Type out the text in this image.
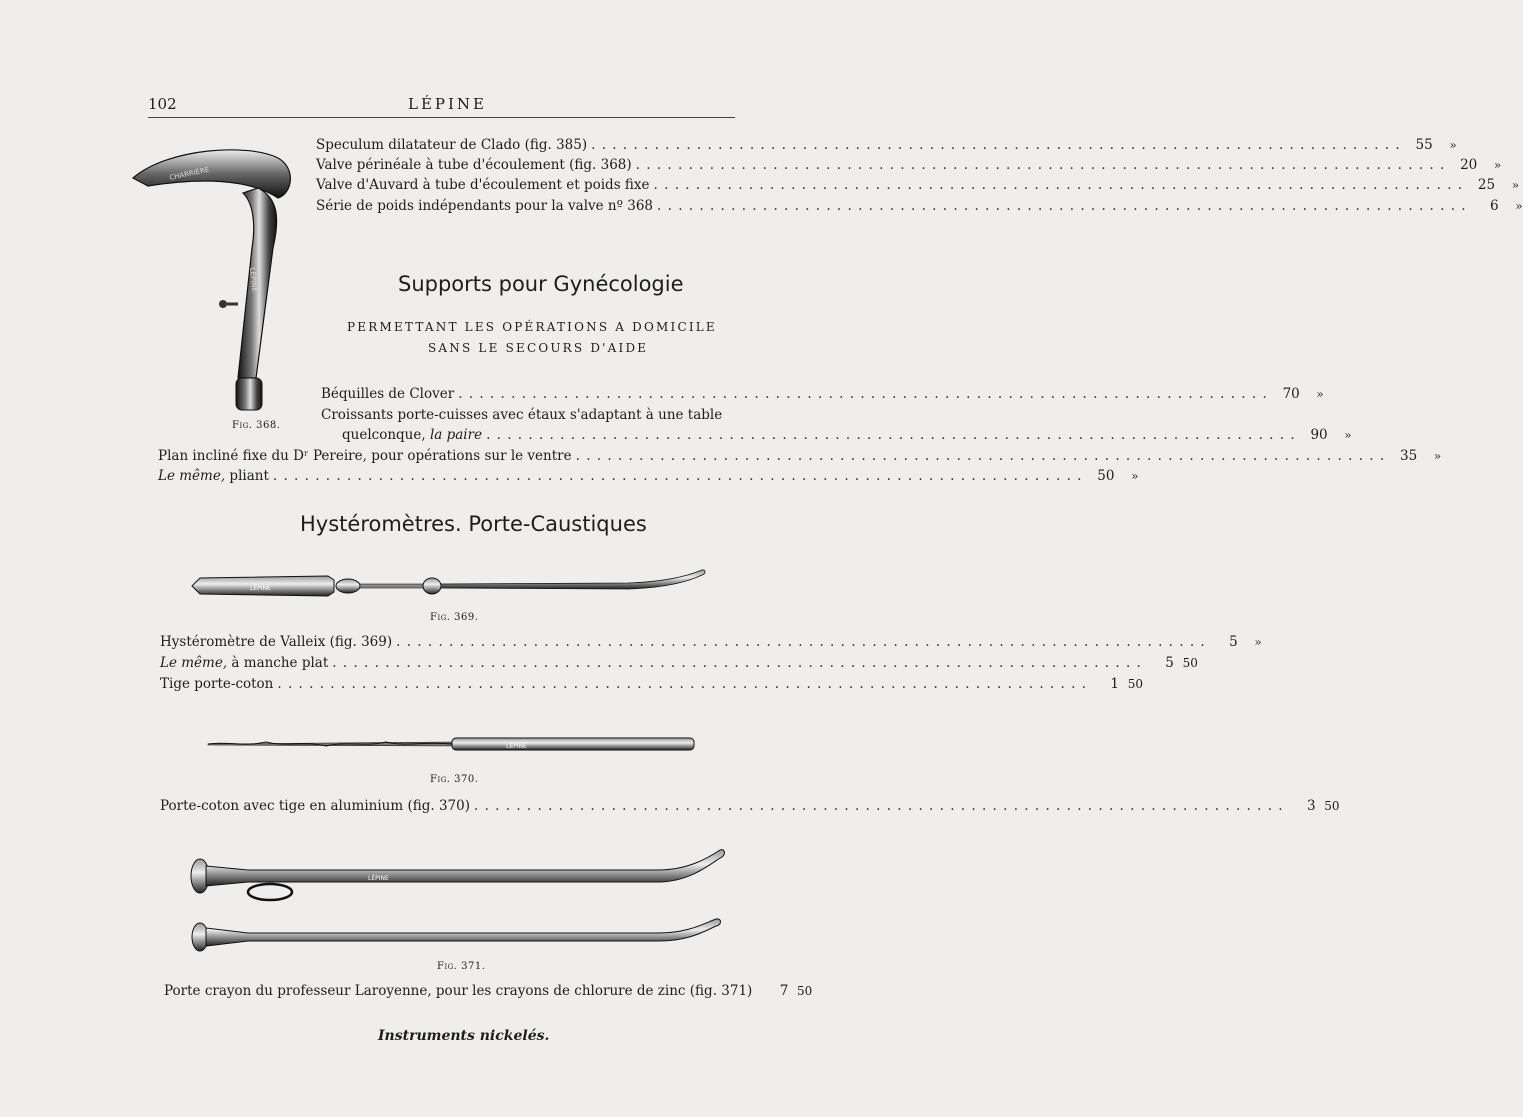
102	LÉPINE
CHARRIÈRE
LÉPINE
Fig. 368.
Speculum dilatateur de Clado (fig. 385) . . .	55	»
Valve périnéale à tube d'écoulement (fig. 368) . . .	20	»
Valve d'Auvard à tube d'écoulement et poids fixe . . .	25	»
Série de poids indépendants pour la valve nº 368 . . .	6	»
Supports pour Gynécologie
PERMETTANT LES OPÉRATIONS A DOMICILE
SANS LE SECOURS D'AIDE
Béquilles de Clover . . .	70	»
Croissants porte-cuisses avec étaux s'adaptant à une table
quelconque, la paire . . .	90	»
Plan incliné fixe du Dʳ Pereire, pour opérations sur le ventre . . .	35	»
Le même, pliant . . .	50	»
Hystéromètres. Porte-Caustiques
LÉPINE
Fig. 369.
Hystéromètre de Valleix (fig. 369) . . .	5	»
Le même, à manche plat . . .	5 50
Tige porte-coton . . .	1 50
LÉPINE
Fig. 370.
Porte-coton avec tige en aluminium (fig. 370) . . .	3 50
LÉPINE
Fig. 371.
Porte crayon du professeur Laroyenne, pour les crayons de chlorure de zinc (fig. 371)	7 50
Instruments nickelés.
